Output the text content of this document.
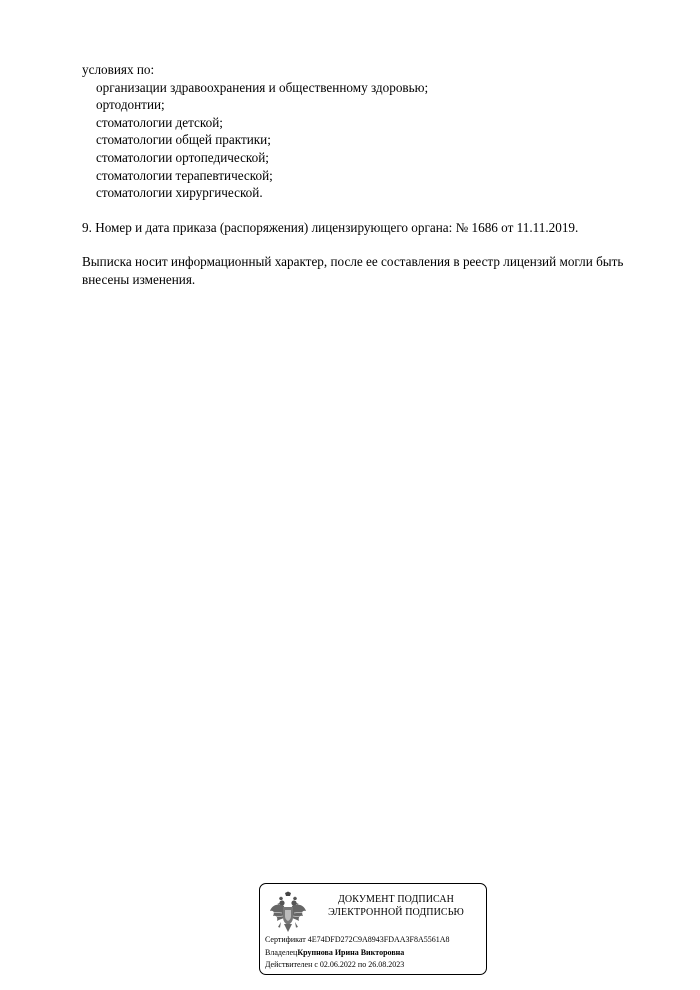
условиях по:
организации здравоохранения и общественному здоровью;
ортодонтии;
стоматологии детской;
стоматологии общей практики;
стоматологии ортопедической;
стоматологии терапевтической;
стоматологии хирургической.
9. Номер и дата приказа (распоряжения) лицензирующего органа: № 1686 от 11.11.2019.
Выписка носит информационный характер, после ее составления в реестр лицензий могли быть
внесены изменения.
ДОКУМЕНТ ПОДПИСАН
ЭЛЕКТРОННОЙ ПОДПИСЬЮ
Сертификат 4E74DFD272C9A8943FDAA3F8A5561A8
ВладелецКрупнова Ирина Викторовна
Действителен с 02.06.2022 по 26.08.2023
